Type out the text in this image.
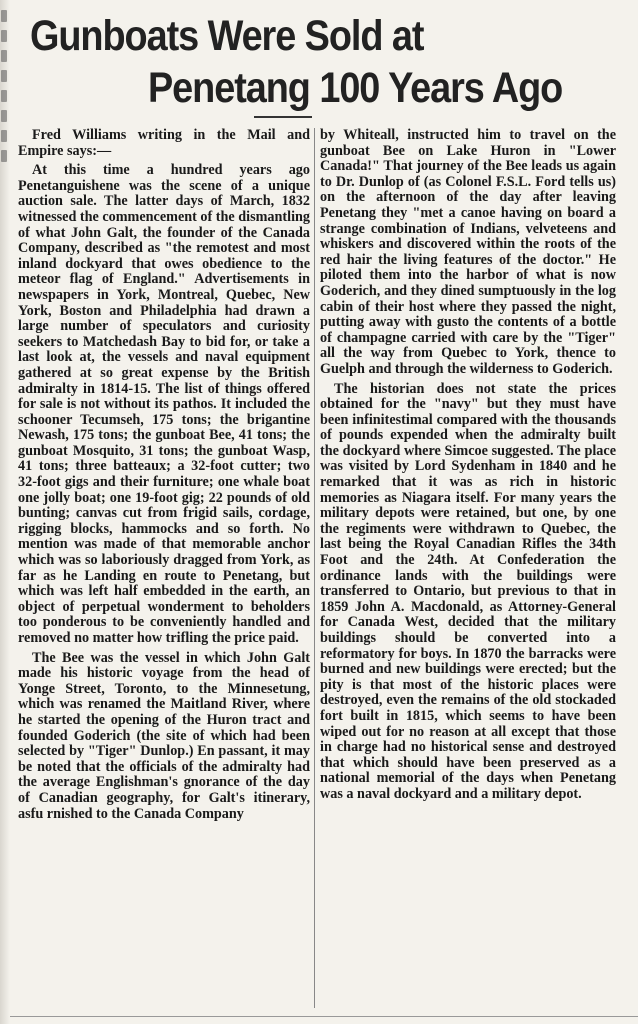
Gunboats Were Sold at
Penetang 100 Years Ago

Fred Williams writing in the Mail and Empire says:—

At this time a hundred years ago Penetanguishene was the scene of a unique auction sale. The latter days of March, 1832 witnessed the commencement of the dismantling of what John Galt, the founder of the Canada Company, described as "the remotest and most inland dockyard that owes obedience to the meteor flag of England." Advertisements in newspapers in York, Montreal, Quebec, New York, Boston and Philadelphia had drawn a large number of speculators and curiosity seekers to Matchedash Bay to bid for, or take a last look at, the vessels and naval equipment gathered at so great expense by the British admiralty in 1814-15. The list of things offered for sale is not without its pathos. It included the schooner Tecumseh, 175 tons; the brigantine Newash, 175 tons; the gunboat Bee, 41 tons; the gunboat Mosquito, 31 tons; the gunboat Wasp, 41 tons; three batteaux; a 32-foot cutter; two 32-foot gigs and their furniture; one whale boat one jolly boat; one 19-foot gig; 22 pounds of old bunting; canvas cut from frigid sails, cordage, rigging blocks, hammocks and so forth. No mention was made of that memorable anchor which was so laboriously dragged from York, as far as he Landing en route to Penetang, but which was left half embedded in the earth, an object of perpetual wonderment to beholders too ponderous to be conveniently handled and removed no matter how trifling the price paid.

The Bee was the vessel in which John Galt made his historic voyage from the head of Yonge Street, Toronto, to the Minnesetung, which was renamed the Maitland River, where he started the opening of the Huron tract and founded Goderich (the site of which had been selected by "Tiger" Dunlop.) En passant, it may be noted that the officials of the admiralty had the average Englishman's gnorance of the day of Canadian geography, for Galt's itinerary, asfu rnished to the Canada Company

by Whiteall, instructed him to travel on the gunboat Bee on Lake Huron in "Lower Canada!" That journey of the Bee leads us again to Dr. Dunlop of (as Colonel F.S.L. Ford tells us) on the afternoon of the day after leaving Penetang they "met a canoe having on board a strange combination of Indians, velveteens and whiskers and discovered within the roots of the red hair the living features of the doctor." He piloted them into the harbor of what is now Goderich, and they dined sumptuously in the log cabin of their host where they passed the night, putting away with gusto the contents of a bottle of champagne carried with care by the "Tiger" all the way from Quebec to York, thence to Guelph and through the wilderness to Goderich.

The historian does not state the prices obtained for the "navy" but they must have been infinitestimal compared with the thousands of pounds expended when the admiralty built the dockyard where Simcoe suggested. The place was visited by Lord Sydenham in 1840 and he remarked that it was as rich in historic memories as Niagara itself. For many years the military depots were retained, but one, by one the regiments were withdrawn to Quebec, the last being the Royal Canadian Rifles the 34th Foot and the 24th. At Confederation the ordinance lands with the buildings were transferred to Ontario, but previous to that in 1859 John A. Macdonald, as Attorney-General for Canada West, decided that the military buildings should be converted into a reformatory for boys. In 1870 the barracks were burned and new buildings were erected; but the pity is that most of the historic places were destroyed, even the remains of the old stockaded fort built in 1815, which seems to have been wiped out for no reason at all except that those in charge had no historical sense and destroyed that which should have been preserved as a national memorial of the days when Penetang was a naval dockyard and a military depot.
